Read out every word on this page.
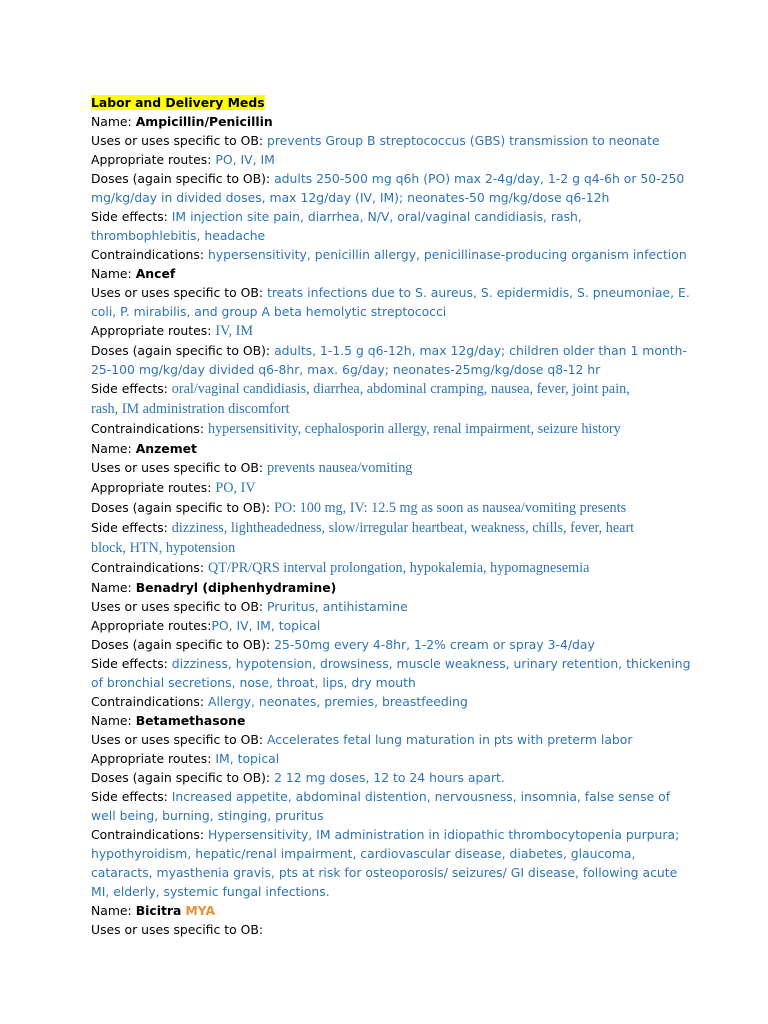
Labor and Delivery Meds
Name: Ampicillin/Penicillin
Uses or uses specific to OB: prevents Group B streptococcus (GBS) transmission to neonate
Appropriate routes: PO, IV, IM
Doses (again specific to OB): adults 250-500 mg q6h (PO) max 2-4g/day, 1-2 g q4-6h or 50-250
mg/kg/day in divided doses, max 12g/day (IV, IM); neonates-50 mg/kg/dose q6-12h
Side effects: IM injection site pain, diarrhea, N/V, oral/vaginal candidiasis, rash,
thrombophlebitis, headache
Contraindications: hypersensitivity, penicillin allergy, penicillinase-producing organism infection
Name: Ancef
Uses or uses specific to OB: treats infections due to S. aureus, S. epidermidis, S. pneumoniae, E.
coli, P. mirabilis, and group A beta hemolytic streptococci
Appropriate routes: IV, IM
Doses (again specific to OB): adults, 1-1.5 g q6-12h, max 12g/day; children older than 1 month-
25-100 mg/kg/day divided q6-8hr, max. 6g/day; neonates-25mg/kg/dose q8-12 hr
Side effects: oral/vaginal candidiasis, diarrhea, abdominal cramping, nausea, fever, joint pain,
rash, IM administration discomfort
Contraindications: hypersensitivity, cephalosporin allergy, renal impairment, seizure history
Name: Anzemet
Uses or uses specific to OB: prevents nausea/vomiting
Appropriate routes: PO, IV
Doses (again specific to OB): PO: 100 mg, IV: 12.5 mg as soon as nausea/vomiting presents
Side effects: dizziness, lightheadedness, slow/irregular heartbeat, weakness, chills, fever, heart
block, HTN, hypotension
Contraindications: QT/PR/QRS interval prolongation, hypokalemia, hypomagnesemia
Name: Benadryl (diphenhydramine)
Uses or uses specific to OB: Pruritus, antihistamine
Appropriate routes:PO, IV, IM, topical
Doses (again specific to OB): 25-50mg every 4-8hr, 1-2% cream or spray 3-4/day
Side effects: dizziness, hypotension, drowsiness, muscle weakness, urinary retention, thickening
of bronchial secretions, nose, throat, lips, dry mouth
Contraindications: Allergy, neonates, premies, breastfeeding
Name: Betamethasone
Uses or uses specific to OB: Accelerates fetal lung maturation in pts with preterm labor
Appropriate routes: IM, topical
Doses (again specific to OB): 2 12 mg doses, 12 to 24 hours apart.
Side effects: Increased appetite, abdominal distention, nervousness, insomnia, false sense of
well being, burning, stinging, pruritus
Contraindications: Hypersensitivity, IM administration in idiopathic thrombocytopenia purpura;
hypothyroidism, hepatic/renal impairment, cardiovascular disease, diabetes, glaucoma,
cataracts, myasthenia gravis, pts at risk for osteoporosis/ seizures/ GI disease, following acute
MI, elderly, systemic fungal infections.
Name: Bicitra MYA
Uses or uses specific to OB:
